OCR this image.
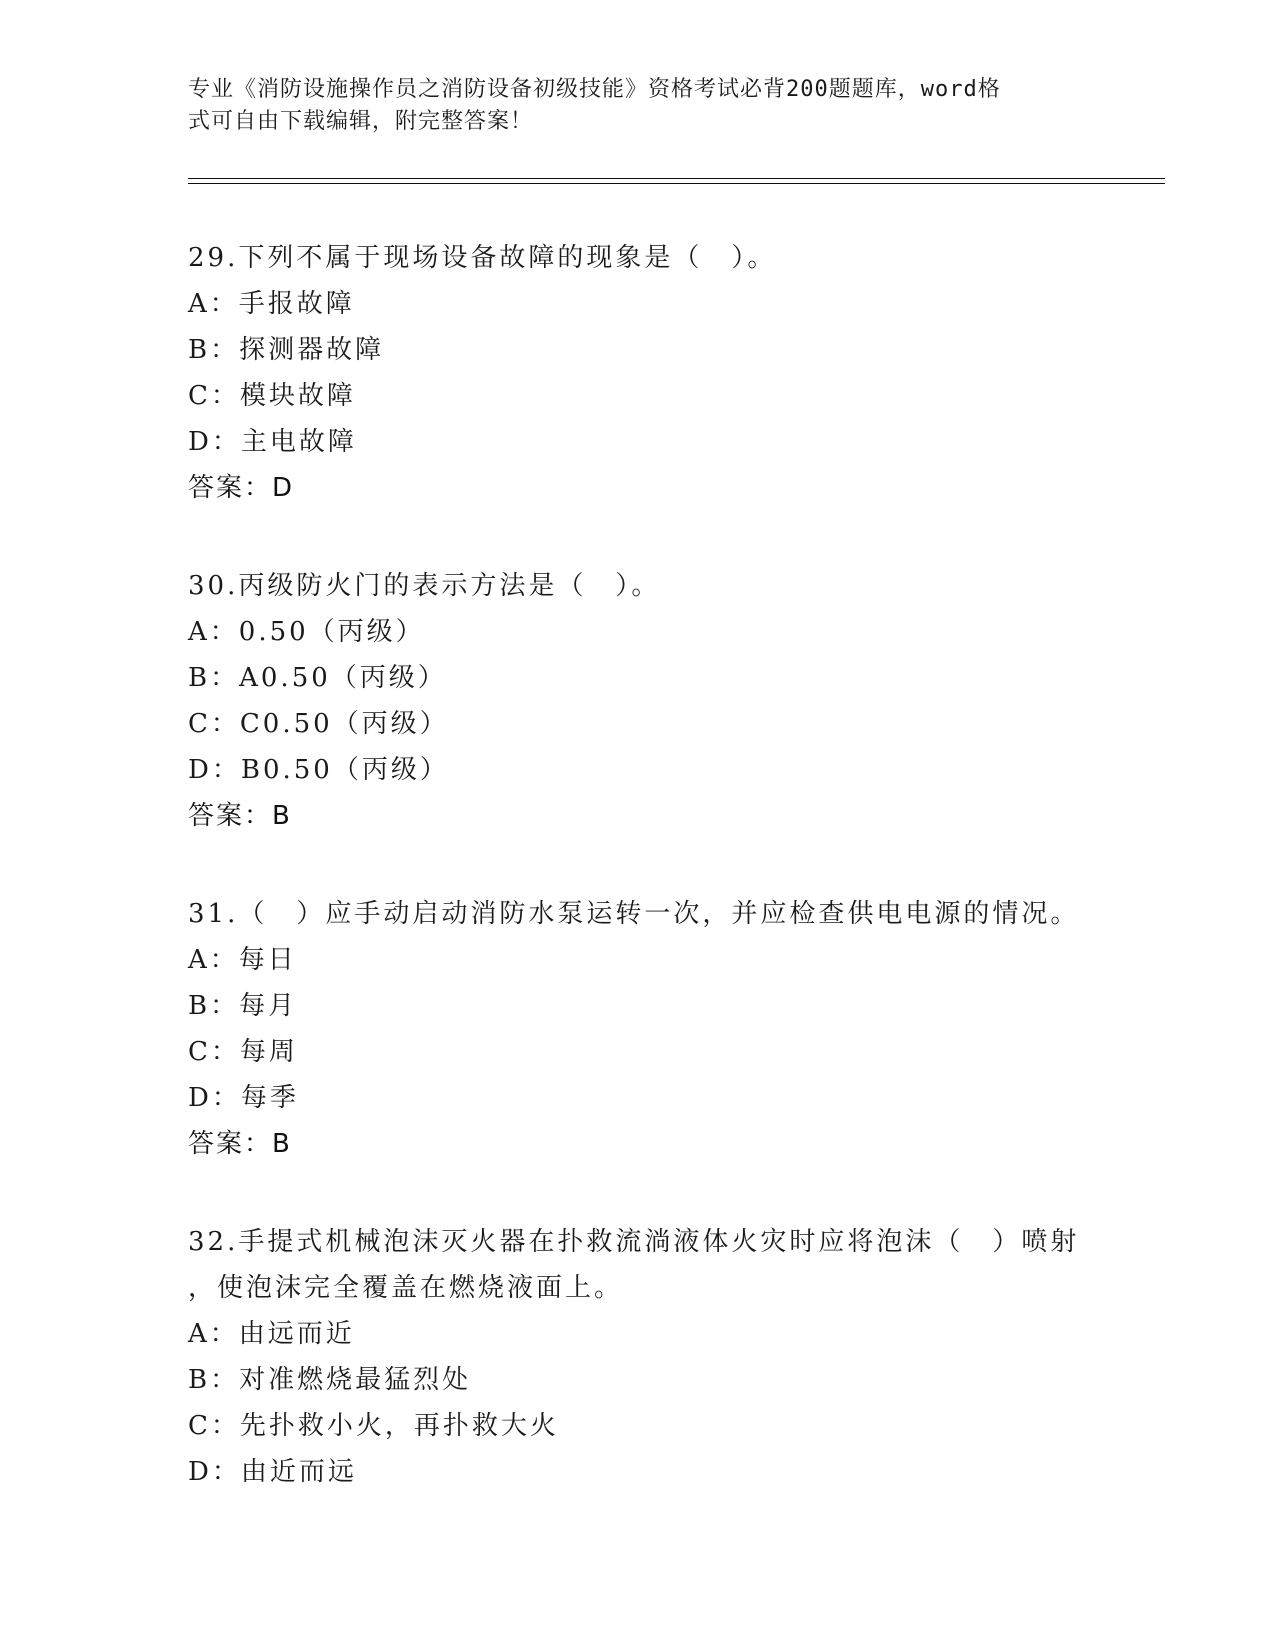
专业《消防设施操作员之消防设备初级技能》资格考试必背200题题库，word格
式可自由下载编辑，附完整答案！
29.下列不属于现场设备故障的现象是（　）。
A：手报故障
B：探测器故障
C：模块故障
D：主电故障
答案：D
30.丙级防火门的表示方法是（　）。
A：0.50（丙级）
B：A0.50（丙级）
C：C0.50（丙级）
D：B0.50（丙级）
答案：B
31.（　）应手动启动消防水泵运转一次，并应检查供电电源的情况。
A：每日
B：每月
C：每周
D：每季
答案：B
32.手提式机械泡沫灭火器在扑救流淌液体火灾时应将泡沫（　）喷射
，使泡沫完全覆盖在燃烧液面上。
A：由远而近
B：对准燃烧最猛烈处
C：先扑救小火，再扑救大火
D：由近而远
